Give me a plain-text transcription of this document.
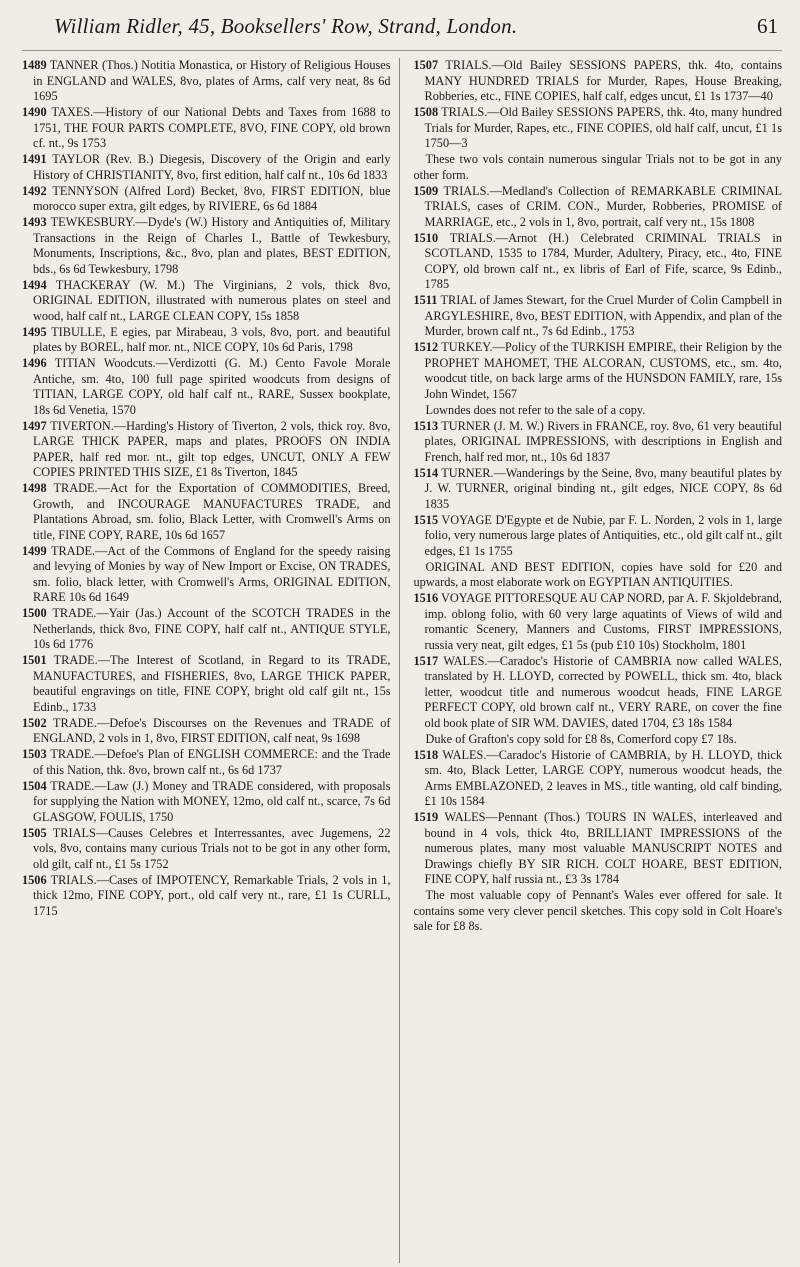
William Ridler, 45, Booksellers' Row, Strand, London.	61

1489 TANNER (Thos.) Notitia Monastica, or History of Religious Houses in ENGLAND and WALES, 8vo, plates of Arms, calf very neat, 8s 6d 1695

1490 TAXES.—History of our National Debts and Taxes from 1688 to 1751, THE FOUR PARTS COMPLETE, 8VO, FINE COPY, old brown cf. nt., 9s 1753

1491 TAYLOR (Rev. B.) Diegesis, Discovery of the Origin and early History of CHRISTIANITY, 8vo, first edition, half calf nt., 10s 6d 1833

1492 TENNYSON (Alfred Lord) Becket, 8vo, FIRST EDITION, blue morocco super extra, gilt edges, by RIVIERE, 6s 6d 1884

1493 TEWKESBURY.—Dyde's (W.) History and Antiquities of, Military Transactions in the Reign of Charles I., Battle of Tewkesbury, Monuments, Inscriptions, &c., 8vo, plan and plates, BEST EDITION, bds., 6s 6d Tewkesbury, 1798

1494 THACKERAY (W. M.) The Virginians, 2 vols, thick 8vo, ORIGINAL EDITION, illustrated with numerous plates on steel and wood, half calf nt., LARGE CLEAN COPY, 15s 1858

1495 TIBULLE, E egies, par Mirabeau, 3 vols, 8vo, port. and beautiful plates by BOREL, half mor. nt., NICE COPY, 10s 6d Paris, 1798

1496 TITIAN Woodcuts.—Verdizotti (G. M.) Cento Favole Morale Antiche, sm. 4to, 100 full page spirited woodcuts from designs of TITIAN, LARGE COPY, old half calf nt., RARE, Sussex bookplate, 18s 6d Venetia, 1570

1497 TIVERTON.—Harding's History of Tiverton, 2 vols, thick roy. 8vo, LARGE THICK PAPER, maps and plates, PROOFS ON INDIA PAPER, half red mor. nt., gilt top edges, UNCUT, ONLY A FEW COPIES PRINTED THIS SIZE, £1 8s Tiverton, 1845

1498 TRADE.—Act for the Exportation of COMMODITIES, Breed, Growth, and INCOURAGE MANUFACTURES TRADE, and Plantations Abroad, sm. folio, Black Letter, with Cromwell's Arms on title, FINE COPY, RARE, 10s 6d 1657

1499 TRADE.—Act of the Commons of England for the speedy raising and levying of Monies by way of New Import or Excise, ON TRADES, sm. folio, black letter, with Cromwell's Arms, ORIGINAL EDITION, RARE 10s 6d 1649

1500 TRADE.—Yair (Jas.) Account of the SCOTCH TRADES in the Netherlands, thick 8vo, FINE COPY, half calf nt., ANTIQUE STYLE, 10s 6d 1776

1501 TRADE.—The Interest of Scotland, in Regard to its TRADE, MANUFACTURES, and FISHERIES, 8vo, LARGE THICK PAPER, beautiful engravings on title, FINE COPY, bright old calf gilt nt., 15s Edinb., 1733

1502 TRADE.—Defoe's Discourses on the Revenues and TRADE of ENGLAND, 2 vols in 1, 8vo, FIRST EDITION, calf neat, 9s 1698

1503 TRADE.—Defoe's Plan of ENGLISH COMMERCE: and the Trade of this Nation, thk. 8vo, brown calf nt., 6s 6d 1737

1504 TRADE.—Law (J.) Money and TRADE considered, with proposals for supplying the Nation with MONEY, 12mo, old calf nt., scarce, 7s 6d GLASGOW, FOULIS, 1750

1505 TRIALS—Causes Celebres et Interressantes, avec Jugemens, 22 vols, 8vo, contains many curious Trials not to be got in any other form, old gilt, calf nt., £1 5s 1752

1506 TRIALS.—Cases of IMPOTENCY, Remarkable Trials, 2 vols in 1, thick 12mo, FINE COPY, port., old calf very nt., rare, £1 1s CURLL, 1715

1507 TRIALS.—Old Bailey SESSIONS PAPERS, thk. 4to, contains MANY HUNDRED TRIALS for Murder, Rapes, House Breaking, Robberies, etc., FINE COPIES, half calf, edges uncut, £1 1s 1737—40

1508 TRIALS.—Old Bailey SESSIONS PAPERS, thk. 4to, many hundred Trials for Murder, Rapes, etc., FINE COPIES, old half calf, uncut, £1 1s 1750—3

These two vols contain numerous singular Trials not to be got in any other form.

1509 TRIALS.—Medland's Collection of REMARKABLE CRIMINAL TRIALS, cases of CRIM. CON., Murder, Robberies, PROMISE of MARRIAGE, etc., 2 vols in 1, 8vo, portrait, calf very nt., 15s 1808

1510 TRIALS.—Arnot (H.) Celebrated CRIMINAL TRIALS in SCOTLAND, 1535 to 1784, Murder, Adultery, Piracy, etc., 4to, FINE COPY, old brown calf nt., ex libris of Earl of Fife, scarce, 9s Edinb., 1785

1511 TRIAL of James Stewart, for the Cruel Murder of Colin Campbell in ARGYLESHIRE, 8vo, BEST EDITION, with Appendix, and plan of the Murder, brown calf nt., 7s 6d Edinb., 1753

1512 TURKEY.—Policy of the TURKISH EMPIRE, their Religion by the PROPHET MAHOMET, THE ALCORAN, CUSTOMS, etc., sm. 4to, woodcut title, on back large arms of the HUNSDON FAMILY, rare, 15s John Windet, 1567

Lowndes does not refer to the sale of a copy.

1513 TURNER (J. M. W.) Rivers in FRANCE, roy. 8vo, 61 very beautiful plates, ORIGINAL IMPRESSIONS, with descriptions in English and French, half red mor, nt., 10s 6d 1837

1514 TURNER.—Wanderings by the Seine, 8vo, many beautiful plates by J. W. TURNER, original binding nt., gilt edges, NICE COPY, 8s 6d 1835

1515 VOYAGE D'Egypte et de Nubie, par F. L. Norden, 2 vols in 1, large folio, very numerous large plates of Antiquities, etc., old gilt calf nt., gilt edges, £1 1s 1755

ORIGINAL AND BEST EDITION, copies have sold for £20 and upwards, a most elaborate work on EGYPTIAN ANTIQUITIES.

1516 VOYAGE PITTORESQUE AU CAP NORD, par A. F. Skjoldebrand, imp. oblong folio, with 60 very large aquatints of Views of wild and romantic Scenery, Manners and Customs, FIRST IMPRESSIONS, russia very neat, gilt edges, £1 5s (pub £10 10s) Stockholm, 1801

1517 WALES.—Caradoc's Historie of CAMBRIA now called WALES, translated by H. LLOYD, corrected by POWELL, thick sm. 4to, black letter, woodcut title and numerous woodcut heads, FINE LARGE PERFECT COPY, old brown calf nt., VERY RARE, on cover the fine old book plate of SIR WM. DAVIES, dated 1704, £3 18s 1584

Duke of Grafton's copy sold for £8 8s, Comerford copy £7 18s.

1518 WALES.—Caradoc's Historie of CAMBRIA, by H. LLOYD, thick sm. 4to, Black Letter, LARGE COPY, numerous woodcut heads, the Arms EMBLAZONED, 2 leaves in MS., title wanting, old calf binding, £1 10s 1584

1519 WALES—Pennant (Thos.) TOURS IN WALES, interleaved and bound in 4 vols, thick 4to, BRILLIANT IMPRESSIONS of the numerous plates, many most valuable MANUSCRIPT NOTES and Drawings chiefly BY SIR RICH. COLT HOARE, BEST EDITION, FINE COPY, half russia nt., £3 3s 1784

The most valuable copy of Pennant's Wales ever offered for sale. It contains some very clever pencil sketches. This copy sold in Colt Hoare's sale for £8 8s.
